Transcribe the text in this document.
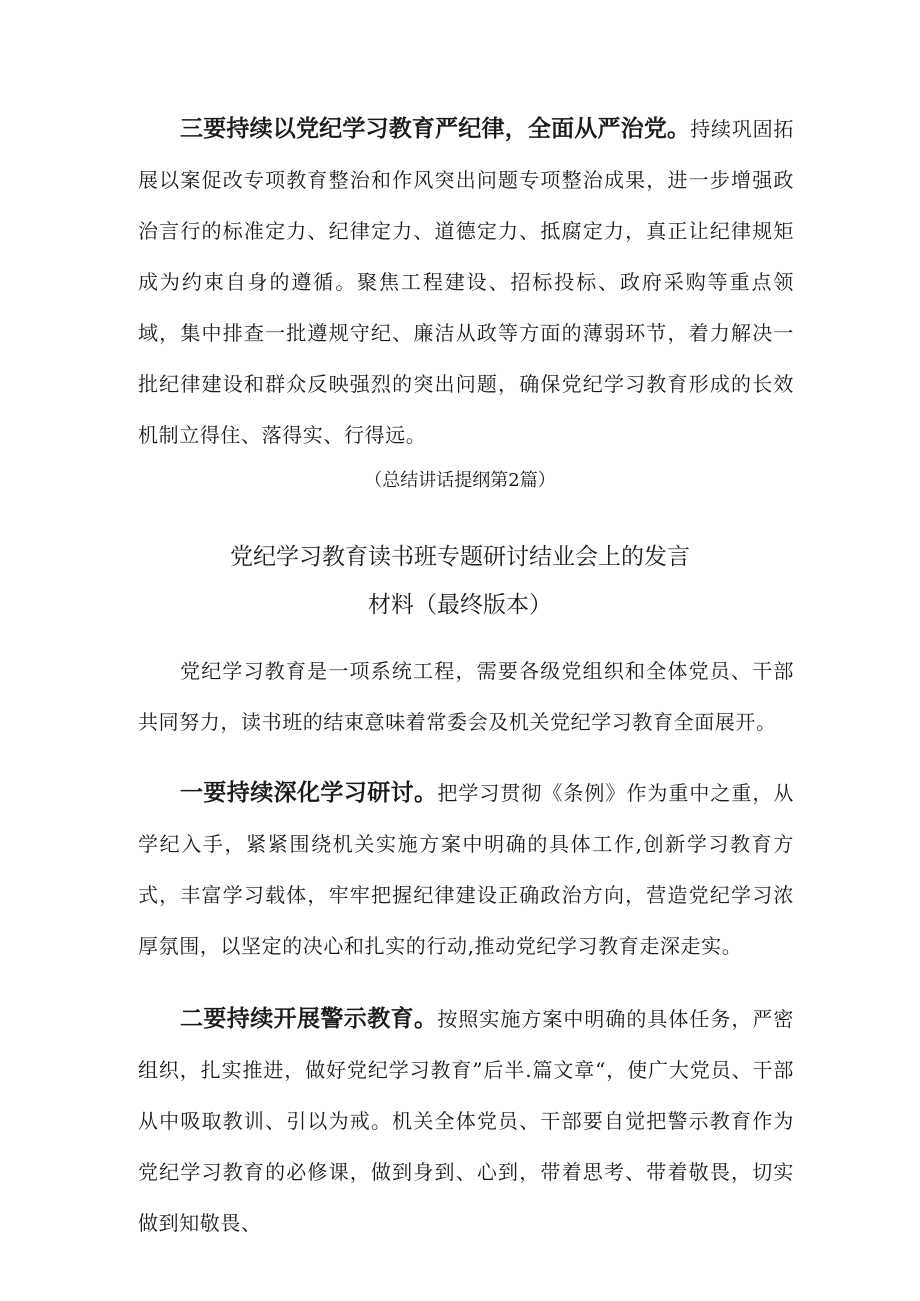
三要持续以党纪学习教育严纪律，全面从严治党。持续巩固拓展以案促改专项教育整治和作风突出问题专项整治成果，进一步增强政治言行的标准定力、纪律定力、道德定力、抵腐定力，真正让纪律规矩成为约束自身的遵循。聚焦工程建设、招标投标、政府采购等重点领域，集中排查一批遵规守纪、廉洁从政等方面的薄弱环节，着力解决一批纪律建设和群众反映强烈的突出问题，确保党纪学习教育形成的长效机制立得住、落得实、行得远。

（总结讲话提纲第2篇）

党纪学习教育读书班专题研讨结业会上的发言

材料（最终版本）

党纪学习教育是一项系统工程，需要各级党组织和全体党员、干部共同努力，读书班的结束意味着常委会及机关党纪学习教育全面展开。

一要持续深化学习研讨。把学习贯彻《条例》作为重中之重，从学纪入手，紧紧围绕机关实施方案中明确的具体工作,创新学习教育方式，丰富学习载体，牢牢把握纪律建设正确政治方向，营造党纪学习浓厚氛围，以坚定的决心和扎实的行动,推动党纪学习教育走深走实。

二要持续开展警示教育。按照实施方案中明确的具体任务，严密组织，扎实推进，做好党纪学习教育”后半.篇文章“，使广大党员、干部从中吸取教训、引以为戒。机关全体党员、干部要自觉把警示教育作为党纪学习教育的必修课，做到身到、心到，带着思考、带着敬畏，切实做到知敬畏、
